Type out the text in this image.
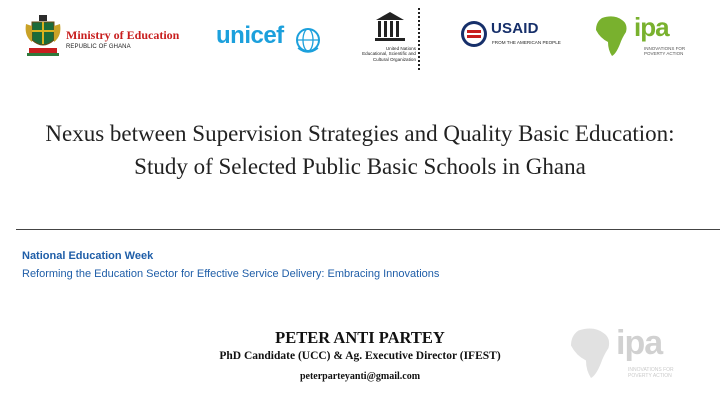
Ministry of Education
REPUBLIC OF GHANA	unicef	United Nations
Educational, Scientific and
Cultural Organization
USAID
FROM THE AMERICAN PEOPLE
ipa
INNOVATIONS FOR POVERTY ACTION
Nexus between Supervision Strategies and Quality Basic Education: Study of Selected Public Basic Schools in Ghana
National Education Week
Reforming the Education Sector for Effective Service Delivery: Embracing Innovations
PETER ANTI PARTEY
PhD Candidate (UCC) & Ag. Executive Director (IFEST)
peterparteyanti@gmail.com
ipa
INNOVATIONS FOR POVERTY ACTION
